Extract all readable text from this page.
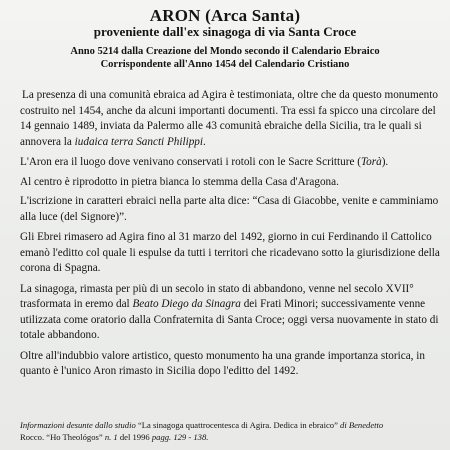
ARON (Arca Santa)
proveniente dall'ex sinagoga di via Santa Croce
Anno 5214 dalla Creazione del Mondo secondo il Calendario Ebraico
Corrispondente all'Anno 1454 del Calendario Cristiano

La presenza di una comunità ebraica ad Agira è testimoniata, oltre che da questo monumento
costruito nel 1454, anche da alcuni importanti documenti. Tra essi fa spicco una circolare del
14 gennaio 1489, inviata da Palermo alle 43 comunità ebraiche della Sicilia, tra le quali si
annovera la iudaica terra Sancti Philippi.

L'Aron era il luogo dove venivano conservati i rotoli con le Sacre Scritture (Torà).

Al centro è riprodotto in pietra bianca lo stemma della Casa d'Aragona.

L'iscrizione in caratteri ebraici nella parte alta dice: “Casa di Giacobbe, venite e camminiamo
alla luce (del Signore)”.

Gli Ebrei rimasero ad Agira fino al 31 marzo del 1492, giorno in cui Ferdinando il Cattolico
emanò l'editto col quale li espulse da tutti i territori che ricadevano sotto la giurisdizione della
corona di Spagna.

La sinagoga, rimasta per più di un secolo in stato di abbandono, venne nel secolo XVII°
trasformata in eremo dal Beato Diego da Sinagra dei Frati Minori; successivamente venne
utilizzata come oratorio dalla Confraternita di Santa Croce; oggi versa nuovamente in stato di
totale abbandono.

Oltre all'indubbio valore artistico, questo monumento ha una grande importanza storica, in
quanto è l'unico Aron rimasto in Sicilia dopo l'editto del 1492.

Informazioni desunte dallo studio “La sinagoga quattrocentesca di Agira. Dedica in ebraico” di Benedetto
Rocco. “Ho Theológos” n. 1 del 1996 pagg. 129 - 138.
